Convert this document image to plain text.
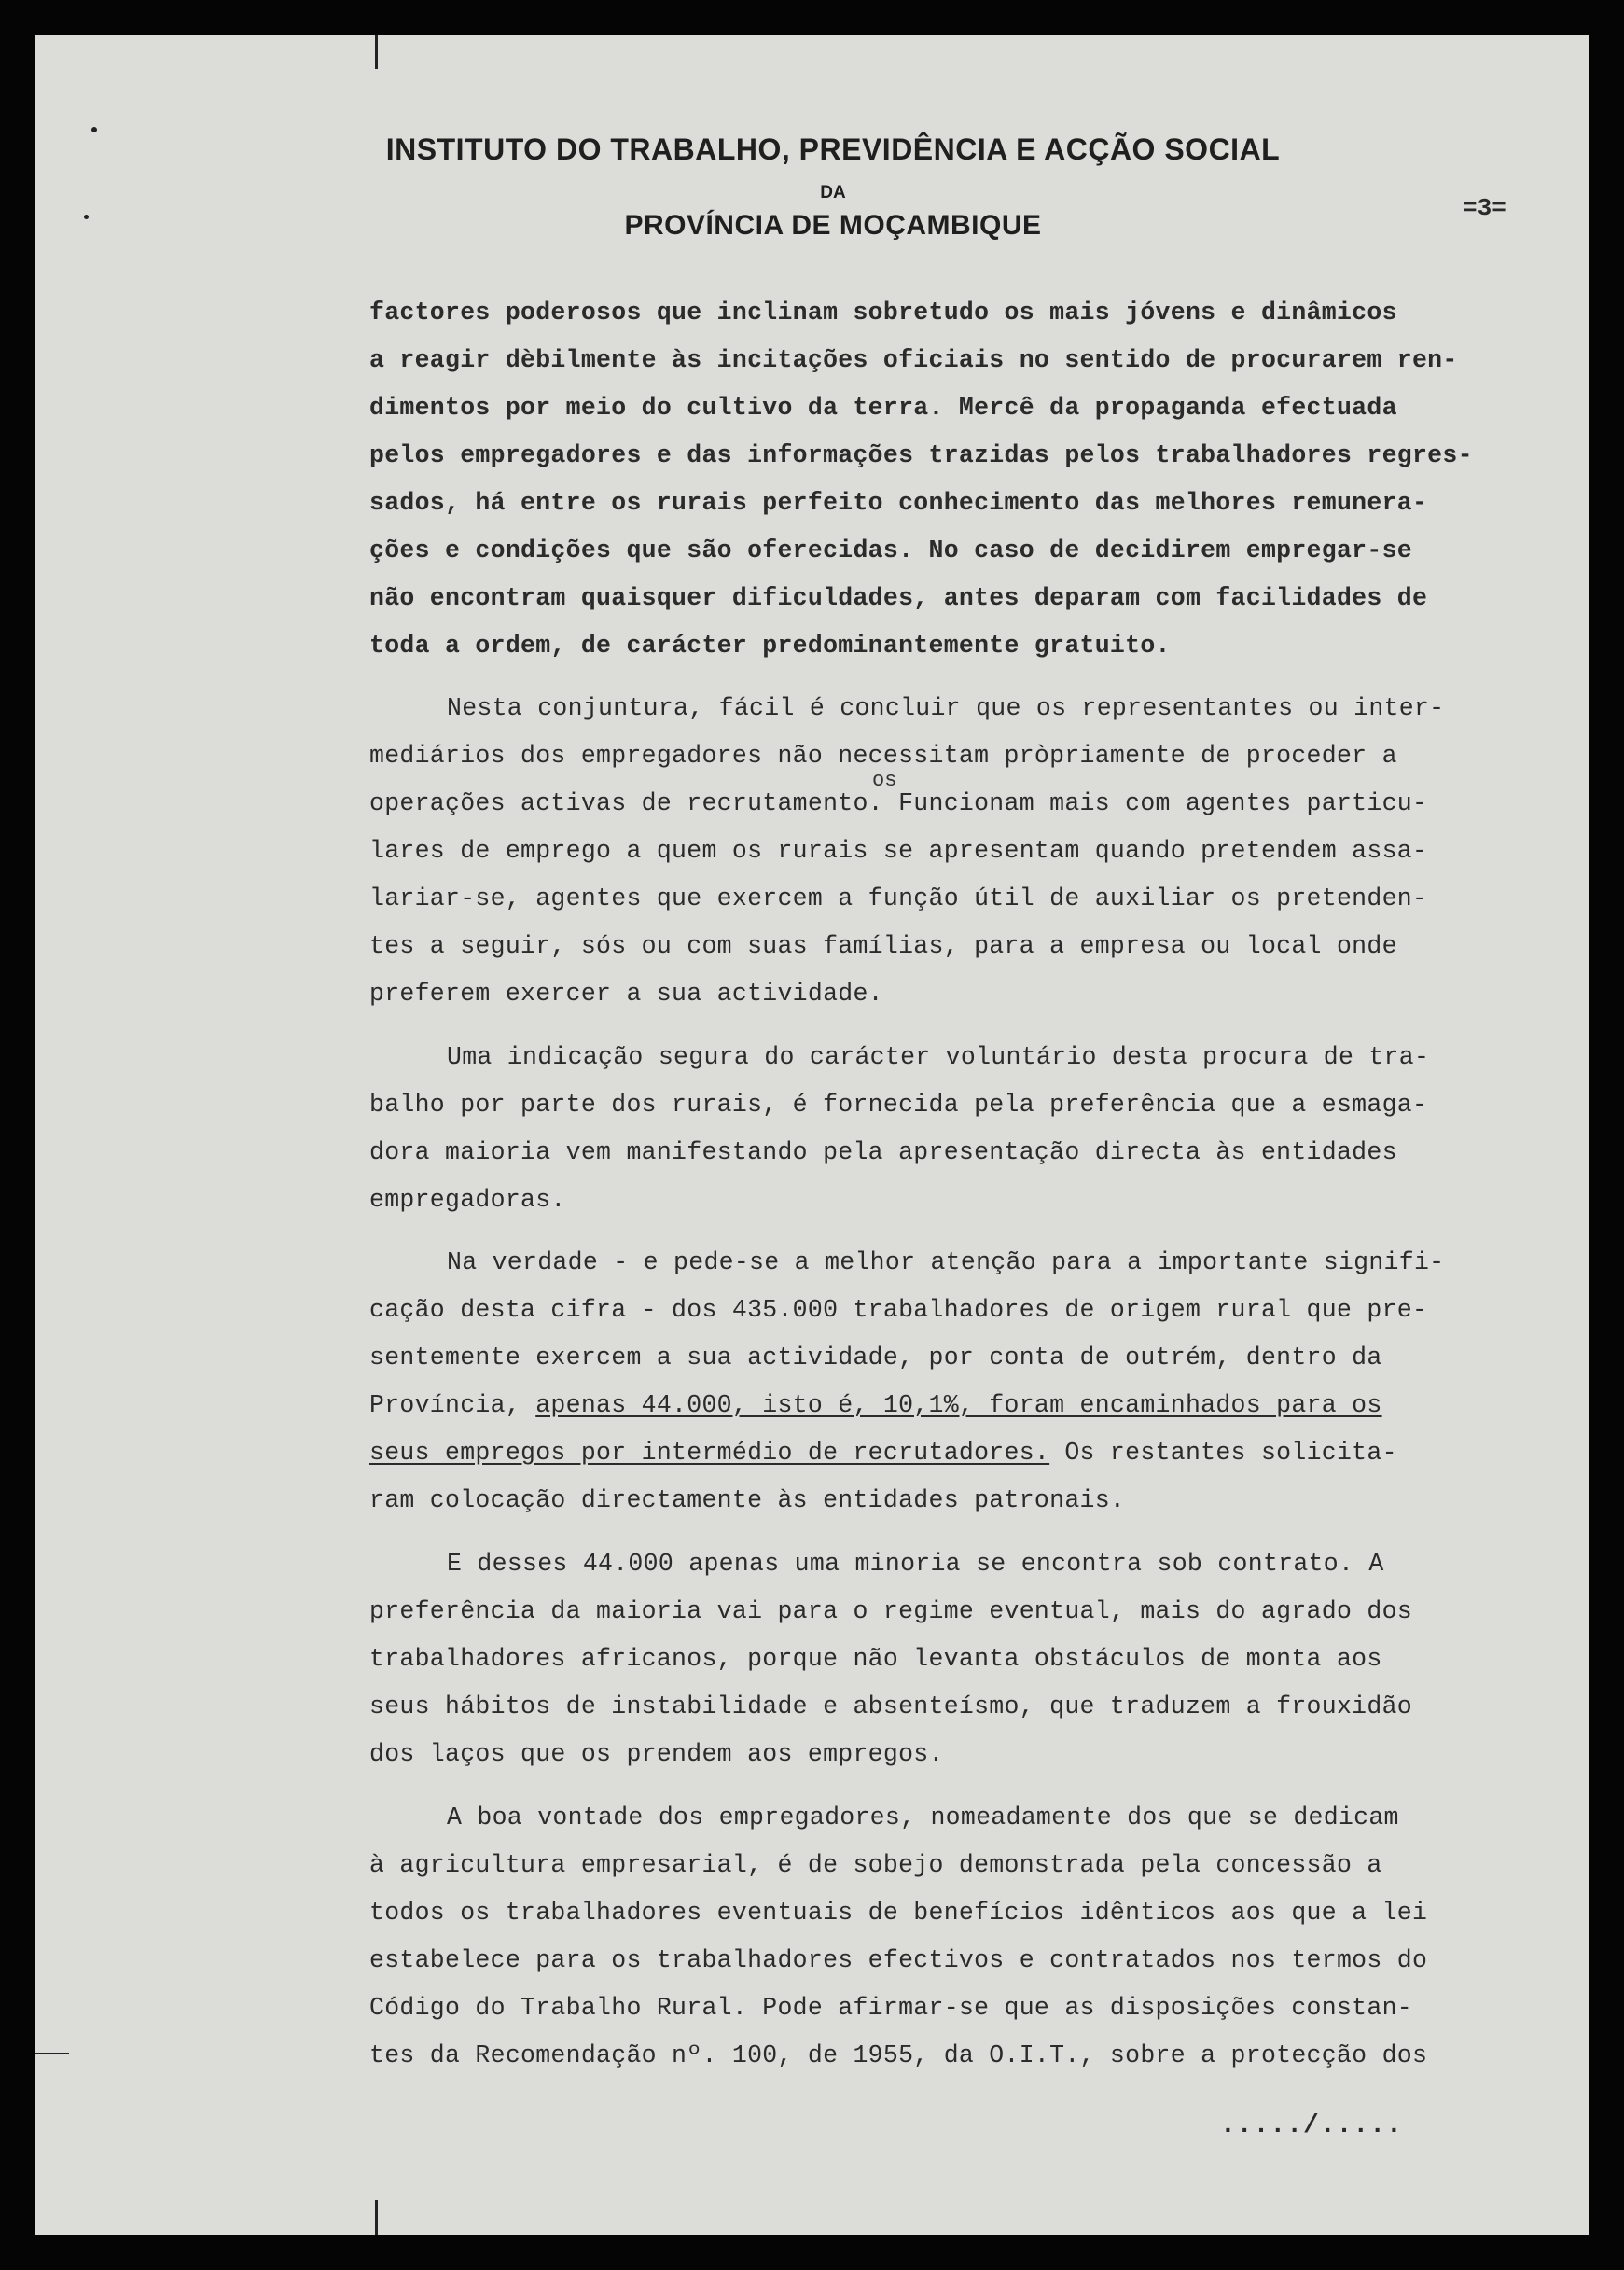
INSTITUTO DO TRABALHO, PREVIDÊNCIA E ACÇÃO SOCIAL
DA
PROVÍNCIA DE MOÇAMBIQUE
=3=
factores poderosos que inclinam sobretudo os mais jóvens e dinâmicos
a reagir dèbilmente às incitações oficiais no sentido de procurarem ren-
dimentos por meio do cultivo da terra. Mercê da propaganda efectuada
pelos empregadores e das informações trazidas pelos trabalhadores regres-
sados, há entre os rurais perfeito conhecimento das melhores remunera-
ções e condições que são oferecidas. No caso de decidirem empregar-se
não encontram quaisquer dificuldades, antes deparam com facilidades de
toda a ordem, de carácter predominantemente gratuito.
Nesta conjuntura, fácil é concluir que os representantes ou inter-
mediários dos empregadores não necessitam pròpriamente de proceder a
os
operações activas de recrutamento. Funcionam mais com agentes particu-
lares de emprego a quem os rurais se apresentam quando pretendem assa-
lariar-se, agentes que exercem a função útil de auxiliar os pretenden-
tes a seguir, sós ou com suas famílias, para a empresa ou local onde
preferem exercer a sua actividade.
Uma indicação segura do carácter voluntário desta procura de tra-
balho por parte dos rurais, é fornecida pela preferência que a esmaga-
dora maioria vem manifestando pela apresentação directa às entidades
empregadoras.
Na verdade - e pede-se a melhor atenção para a importante signifi-
cação desta cifra - dos 435.000 trabalhadores de origem rural que pre-
sentemente exercem a sua actividade, por conta de outrém, dentro da
Província, apenas 44.000, isto é, 10,1%, foram encaminhados para os
seus empregos por intermédio de recrutadores. Os restantes solicita-
ram colocação directamente às entidades patronais.
E desses 44.000 apenas uma minoria se encontra sob contrato. A
preferência da maioria vai para o regime eventual, mais do agrado dos
trabalhadores africanos, porque não levanta obstáculos de monta aos
seus hábitos de instabilidade e absenteísmo, que traduzem a frouxidão
dos laços que os prendem aos empregos.
A boa vontade dos empregadores, nomeadamente dos que se dedicam
à agricultura empresarial, é de sobejo demonstrada pela concessão a
todos os trabalhadores eventuais de benefícios idênticos aos que a lei
estabelece para os trabalhadores efectivos e contratados nos termos do
Código do Trabalho Rural. Pode afirmar-se que as disposições constan-
tes da Recomendação nº. 100, de 1955, da O.I.T., sobre a protecção dos
...../.....
